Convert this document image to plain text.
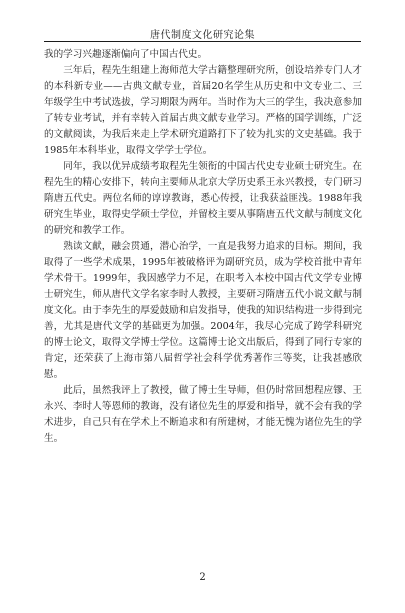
唐代制度文化研究论集

我的学习兴趣逐渐偏向了中国古代史。

三年后，程先生组建上海师范大学古籍整理研究所，创设培养专门人才的本科新专业——古典文献专业，首届20名学生从历史和中文专业二、三年级学生中考试选拔，学习期限为两年。当时作为大三的学生，我决意参加了转专业考试，并有幸转入首届古典文献专业学习。严格的国学训练，广泛的文献阅读，为我后来走上学术研究道路打下了较为扎实的文史基础。我于1985年本科毕业，取得文学学士学位。

同年，我以优异成绩考取程先生领衔的中国古代史专业硕士研究生。在程先生的精心安排下，转向主要师从北京大学历史系王永兴教授，专门研习隋唐五代史。两位名师的谆谆教诲，悉心传授，让我获益匪浅。1988年我研究生毕业，取得史学硕士学位，并留校主要从事隋唐五代文献与制度文化的研究和教学工作。

熟读文献，融会贯通，潜心治学，一直是我努力追求的目标。期间，我取得了一些学术成果，1995年被破格评为副研究员，成为学校首批中青年学术骨干。1999年，我因感学力不足，在职考入本校中国古代文学专业博士研究生，师从唐代文学名家李时人教授，主要研习隋唐五代小说文献与制度文化。由于李先生的厚爱鼓励和启发指导，使我的知识结构进一步得到完善，尤其是唐代文学的基础更为加强。2004年，我尽心完成了跨学科研究的博士论文，取得文学博士学位。这篇博士论文出版后，得到了同行专家的肯定，还荣获了上海市第八届哲学社会科学优秀著作三等奖，让我甚感欣慰。

此后，虽然我评上了教授，做了博士生导师，但仍时常回想程应镠、王永兴、李时人等恩师的教诲，没有诸位先生的厚爱和指导，就不会有我的学术进步，自己只有在学术上不断追求和有所建树，才能无愧为诸位先生的学生。

2
